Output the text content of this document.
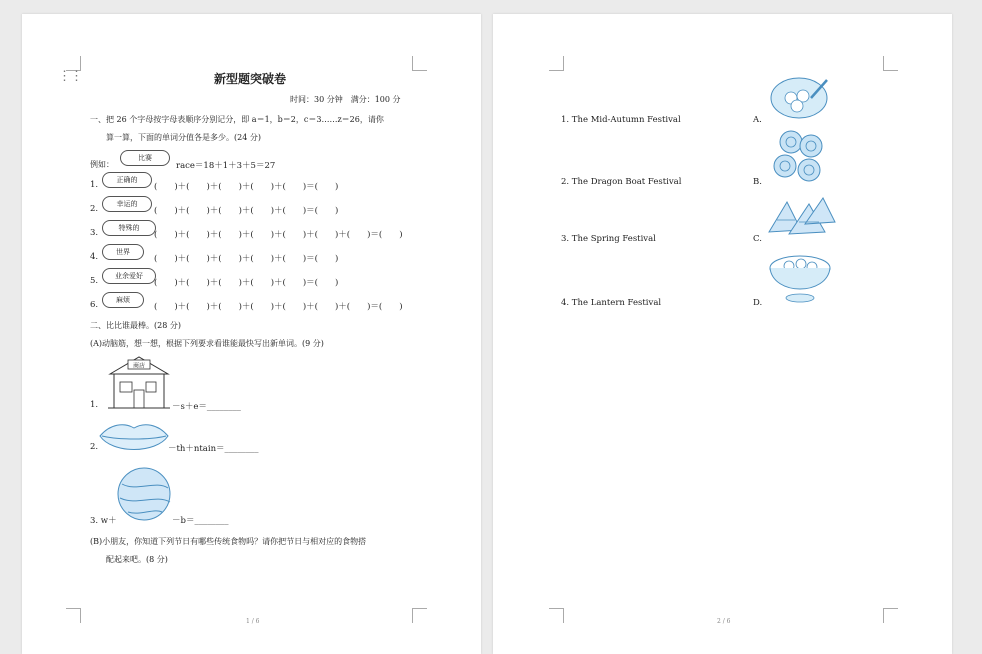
⋮⋮	新型题突破卷
时间：30 分钟　满分：100 分
一、把 26 个字母按字母表顺序分别记分，即 a＝1，b＝2，c＝3……z＝26，请你
算一算，下面的单词分值各是多少。(24 分)
例如：
比赛
race＝18＋1＋3＋5＝27
1.	正确的
(　　)＋(　　)＋(　　)＋(　　)＋(　　)＝(　　)
2.	幸运的
(　　)＋(　　)＋(　　)＋(　　)＋(　　)＝(　　)
3.	特殊的
(　　)＋(　　)＋(　　)＋(　　)＋(　　)＋(　　)＋(　　)＝(　　)
4.	世界
(　　)＋(　　)＋(　　)＋(　　)＋(　　)＝(　　)
5.	业余爱好
(　　)＋(　　)＋(　　)＋(　　)＋(　　)＝(　　)
6.	麻烦
(　　)＋(　　)＋(　　)＋(　　)＋(　　)＋(　　)＋(　　)＝(　　)
二、比比谁最棒。(28 分)
(A)动脑筋，想一想，根据下列要求看谁能最快写出新单词。(9 分)
1.
商店
－s＋e＝________
2.	－th＋ntain＝________
3. w＋	－b＝________
(B)小朋友，你知道下列节日有哪些传统食物吗？请你把节日与相对应的食物搭
配起来吧。(8 分)
1 / 6
1. The Mid-Autumn Festival
2. The Dragon Boat Festival
3. The Spring Festival
4. The Lantern Festival
A.
B.
C.
D.
2 / 6
